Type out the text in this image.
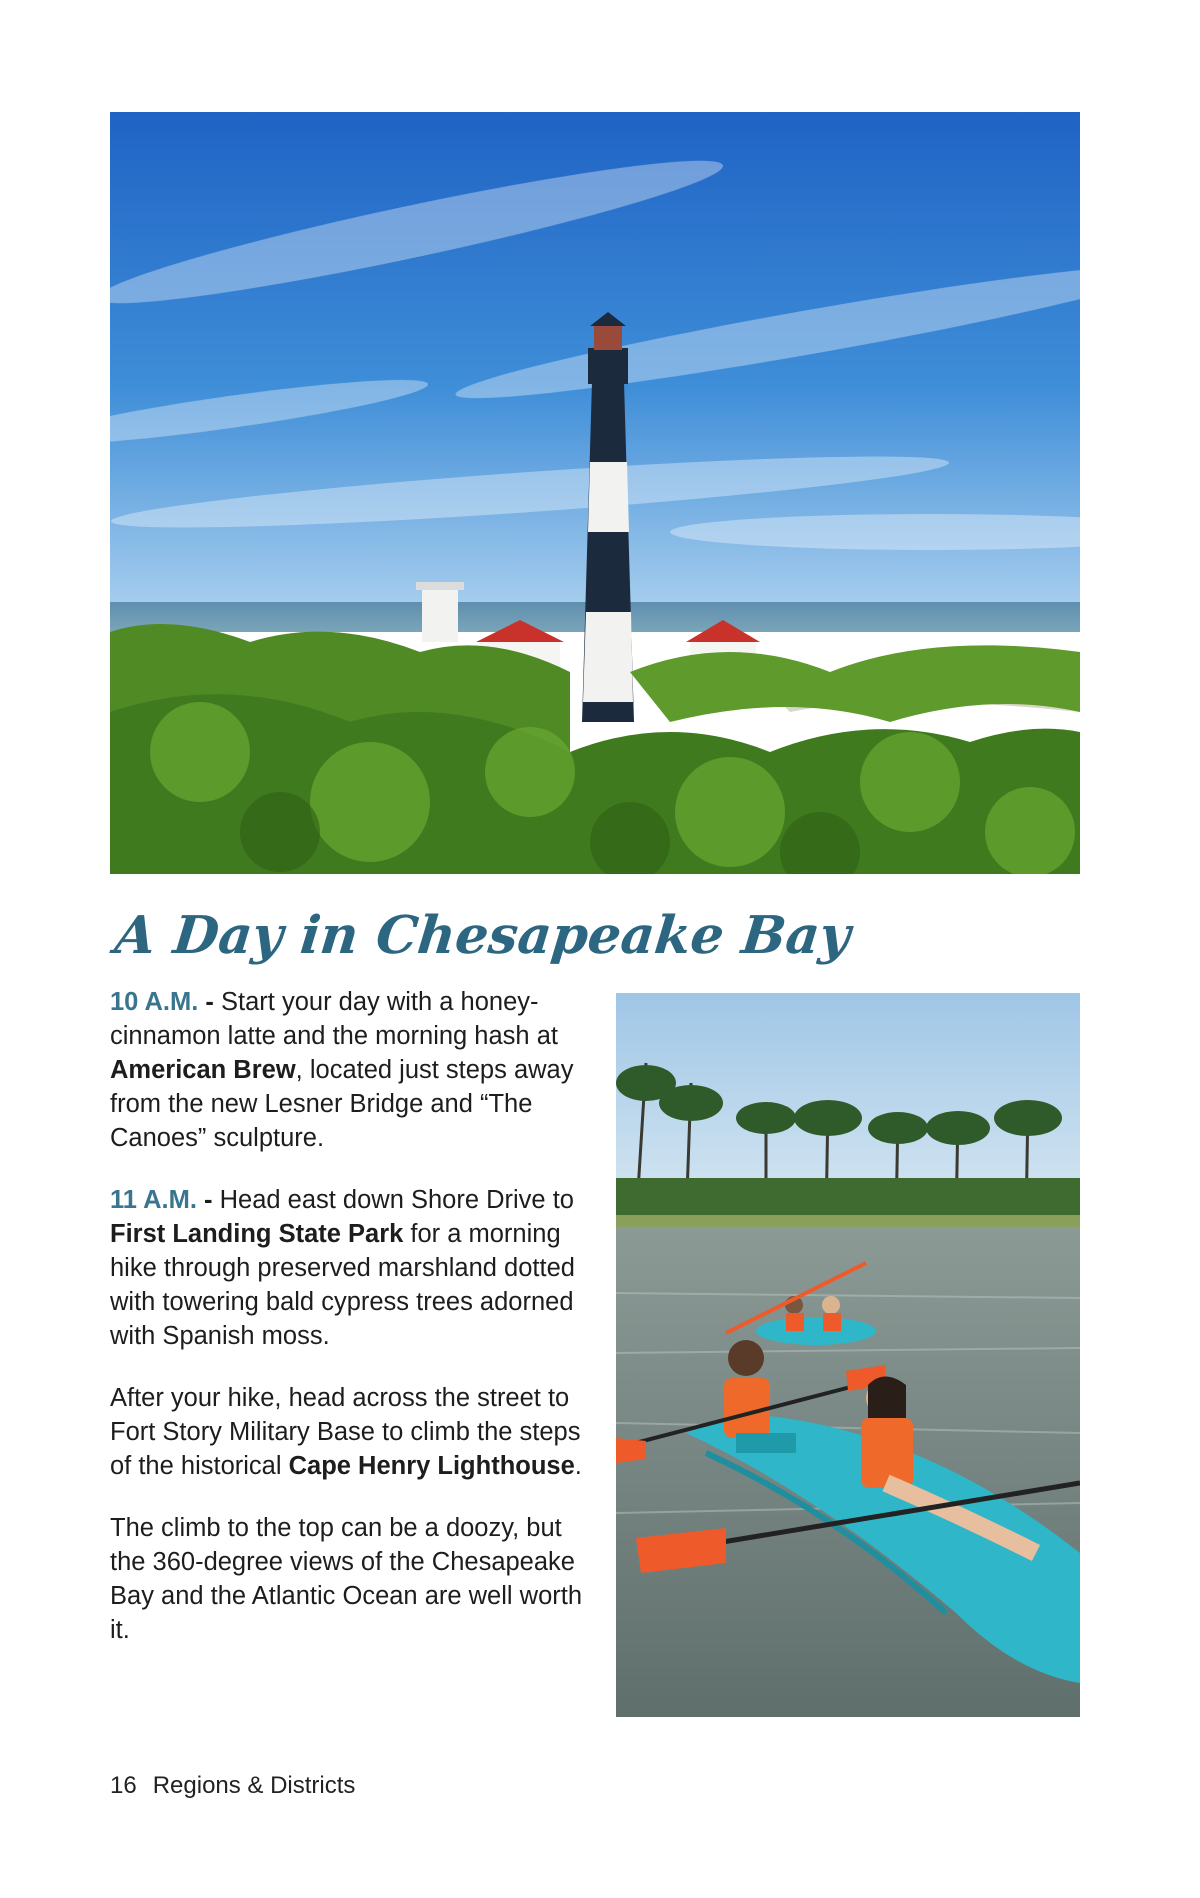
A Day in Chesapeake Bay

10 A.M. - Start your day with a honey-cinnamon latte and the morning hash at American Brew, located just steps away from the new Lesner Bridge and “The Canoes” sculpture.

11 A.M. - Head east down Shore Drive to First Landing State Park for a morning hike through preserved marshland dotted with towering bald cypress trees adorned with Spanish moss.

After your hike, head across the street to Fort Story Military Base to climb the steps of the historical Cape Henry Lighthouse.

The climb to the top can be a doozy, but the 360-degree views of the Chesapeake Bay and the Atlantic Ocean are well worth it.

16 Regions & Districts
